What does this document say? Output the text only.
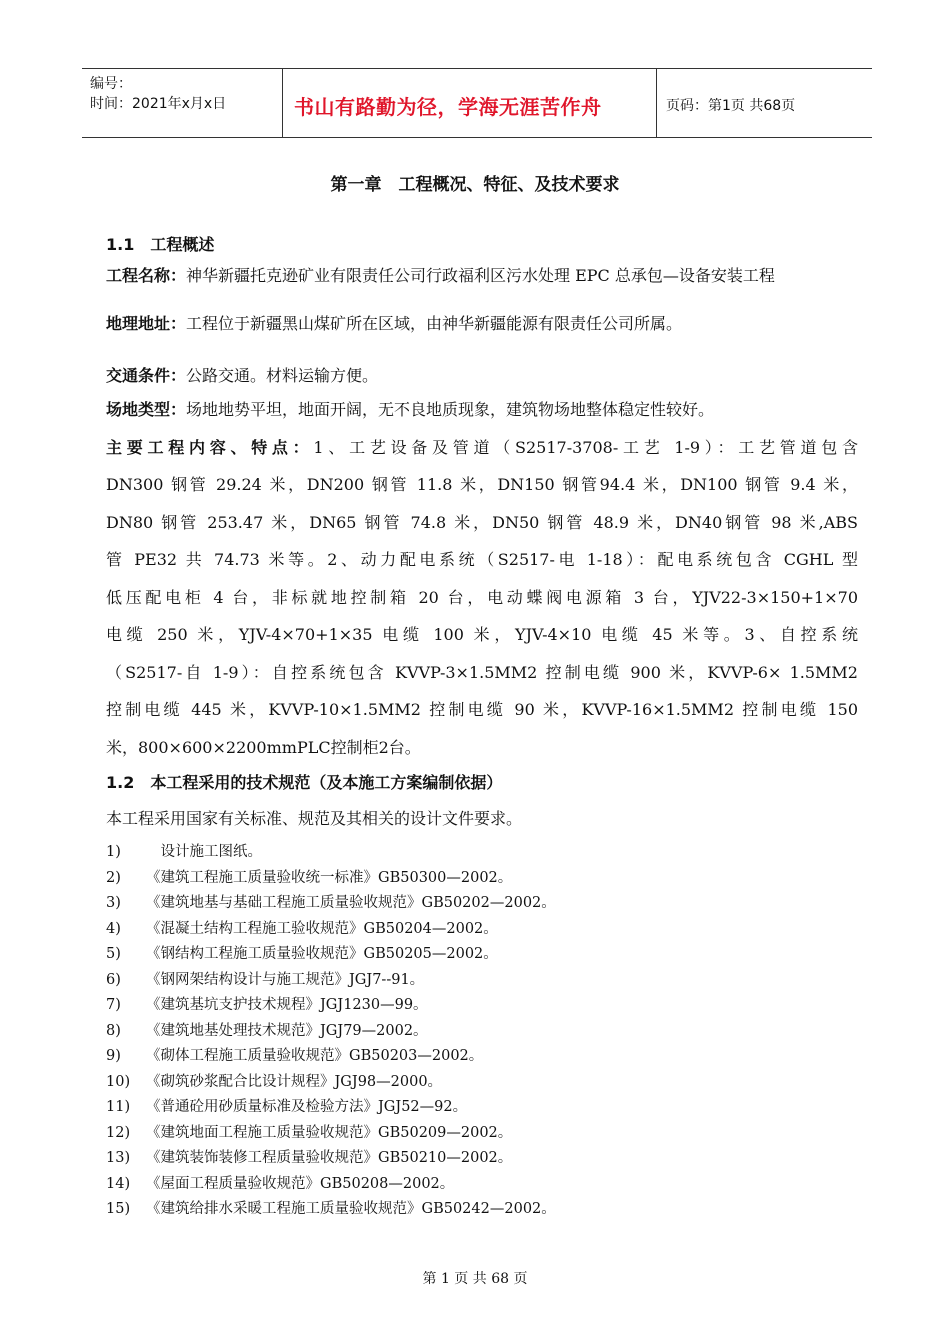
编号：
时间：2021年x月x日	书山有路勤为径，学海无涯苦作舟	页码：第1页 共68页
第一章　工程概况、特征、及技术要求
1.1　工程概述
工程名称：神华新疆托克逊矿业有限责任公司行政福利区污水处理 EPC 总承包—设备安装工程
地理地址：工程位于新疆黑山煤矿所在区域，由神华新疆能源有限责任公司所属。
交通条件：公路交通。材料运输方便。
场地类型：场地地势平坦，地面开阔，无不良地质现象，建筑物场地整体稳定性较好。
主要工程内容、特点：1、工艺设备及管道（S2517-3708-工艺 1-9）：工艺管道包含
DN300 钢管 29.24 米，DN200 钢管 11.8 米，DN150 钢管94.4 米，DN100 钢管 9.4 米，
DN80 钢管 253.47 米，DN65 钢管 74.8 米，DN50 钢管 48.9 米，DN40钢管 98 米,ABS
管 PE32 共 74.73 米等。2、动力配电系统（S2517-电 1-18）：配电系统包含 CGHL 型
低压配电柜 4 台，非标就地控制箱 20 台，电动蝶阀电源箱 3 台，YJV22-3×150+1×70
电缆 250 米，YJV-4×70+1×35 电缆 100 米，YJV-4×10 电缆 45 米等。3、自控系统
（S2517-自 1-9）：自控系统包含 KVVP-3×1.5MM2 控制电缆 900 米，KVVP-6× 1.5MM2
控制电缆 445 米，KVVP-10×1.5MM2 控制电缆 90 米，KVVP-16×1.5MM2 控制电缆 150
米，800×600×2200mmPLC控制柜2台。
1.2　本工程采用的技术规范（及本施工方案编制依据）
本工程采用国家有关标准、规范及其相关的设计文件要求。
1)　设计施工图纸。
2) 《建筑工程施工质量验收统一标准》GB50300—2002。
3) 《建筑地基与基础工程施工质量验收规范》GB50202—2002。
4) 《混凝土结构工程施工验收规范》GB50204—2002。
5) 《钢结构工程施工质量验收规范》GB50205—2002。
6) 《钢网架结构设计与施工规范》JGJ7--91。
7) 《建筑基坑支护技术规程》JGJ1230—99。
8) 《建筑地基处理技术规范》JGJ79—2002。
9) 《砌体工程施工质量验收规范》GB50203—2002。
10) 《砌筑砂浆配合比设计规程》JGJ98—2000。
11) 《普通砼用砂质量标准及检验方法》JGJ52—92。
12) 《建筑地面工程施工质量验收规范》GB50209—2002。
13) 《建筑装饰装修工程质量验收规范》GB50210—2002。
14) 《屋面工程质量验收规范》GB50208—2002。
15) 《建筑给排水采暖工程施工质量验收规范》GB50242—2002。
第 1 页 共 68 页
